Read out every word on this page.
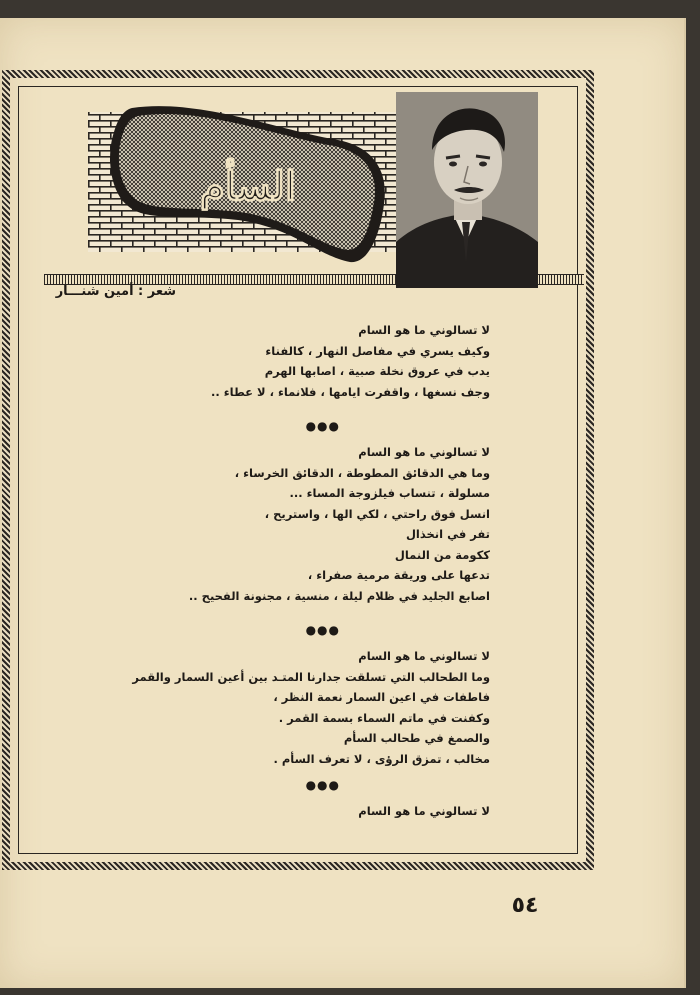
السأم
شعر : أمين شنـــار
لا تسالوني ما هو السام
وكيف يسري في مفاصل النهار ، كالفناء
يدب في عروق نخلة صبية ، اصابها الهرم
وجف نسغها ، واقفرت ايامها ، فلانماء ، لا عطاء ..
●●●
لا تسالوني ما هو السام
وما هي الدقائق المطوطة ، الدقائق الخرساء ،
مسلولة ، تنساب فيلزوجة المساء ...
انسل فوق راحتي ، لكي الها ، واستريح ،
تفر في انخذال
ككومة من النمال
تدعها على وريقة مرمية صفراء ،
اصابع الجليد في ظلام ليلة ، منسية ، مجنونة الفحيح ..
●●●
لا تسالوني ما هو السام
وما الطحالب التي تسلقت جدارنا المتـد بين أعين السمار والقمر
فاطفات في اعين السمار نعمة النظر ،
وكفنت في ماتم السماء بسمة القمر .
والصمغ في طحالب السأم
مخالب ، تمزق الرؤى ، لا تعرف السأم .
●●●
لا تسالوني ما هو السام
٥٤
